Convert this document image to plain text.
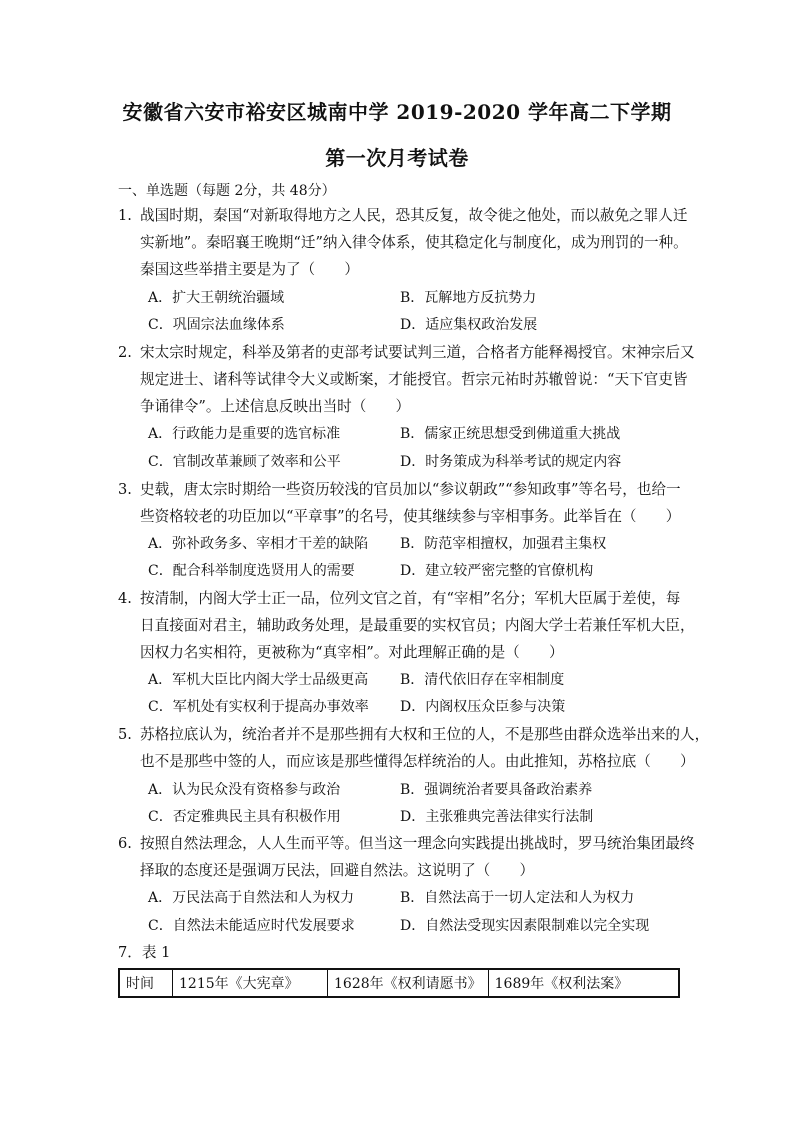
安徽省六安市裕安区城南中学 2019-2020 学年高二下学期
第一次月考试卷
一、单选题（每题 2分，共 48分）
1. 战国时期，秦国“对新取得地方之人民，恐其反复，故令徙之他处，而以赦免之罪人迁
实新地”。秦昭襄王晚期“迁”纳入律令体系，使其稳定化与制度化，成为刑罚的一种。
秦国这些举措主要是为了（　　）
A．扩大王朝统治疆域	B．瓦解地方反抗势力
C．巩固宗法血缘体系	D．适应集权政治发展
2. 宋太宗时规定，科举及第者的吏部考试要试判三道，合格者方能释褐授官。宋神宗后又
规定进士、诸科等试律令大义或断案，才能授官。哲宗元祐时苏辙曾说：“天下官吏皆
争诵律令”。上述信息反映出当时（　　）
A．行政能力是重要的选官标准	B．儒家正统思想受到佛道重大挑战
C．官制改革兼顾了效率和公平	D．时务策成为科举考试的规定内容
3. 史载，唐太宗时期给一些资历较浅的官员加以“参议朝政”“参知政事”等名号，也给一
些资格较老的功臣加以“平章事”的名号，使其继续参与宰相事务。此举旨在（　　）
A．弥补政务多、宰相才干差的缺陷 B．防范宰相擅权，加强君主集权
C．配合科举制度选贤用人的需要	D．建立较严密完整的官僚机构
4. 按清制，内阁大学士正一品，位列文官之首，有“宰相”名分；军机大臣属于差使，每
日直接面对君主，辅助政务处理，是最重要的实权官员；内阁大学士若兼任军机大臣，
因权力名实相符，更被称为“真宰相”。对此理解正确的是（　　）
A．军机大臣比内阁大学士品级更高 B．清代依旧存在宰相制度
C．军机处有实权利于提高办事效率 D．内阁权压众臣参与决策
5. 苏格拉底认为，统治者并不是那些拥有大权和王位的人，不是那些由群众选举出来的人，
也不是那些中签的人，而应该是那些懂得怎样统治的人。由此推知，苏格拉底（　　）
A．认为民众没有资格参与政治	B．强调统治者要具备政治素养
C．否定雅典民主具有积极作用	D．主张雅典完善法律实行法制
6. 按照自然法理念，人人生而平等。但当这一理念向实践提出挑战时，罗马统治集团最终
择取的态度还是强调万民法，回避自然法。这说明了（　　）
A．万民法高于自然法和人为权力	B．自然法高于一切人定法和人为权力
C．自然法未能适应时代发展要求	D．自然法受现实因素限制难以完全实现
7．表 1
时间	1215年《大宪章》	1628年《权利请愿书》	1689年《权利法案》
